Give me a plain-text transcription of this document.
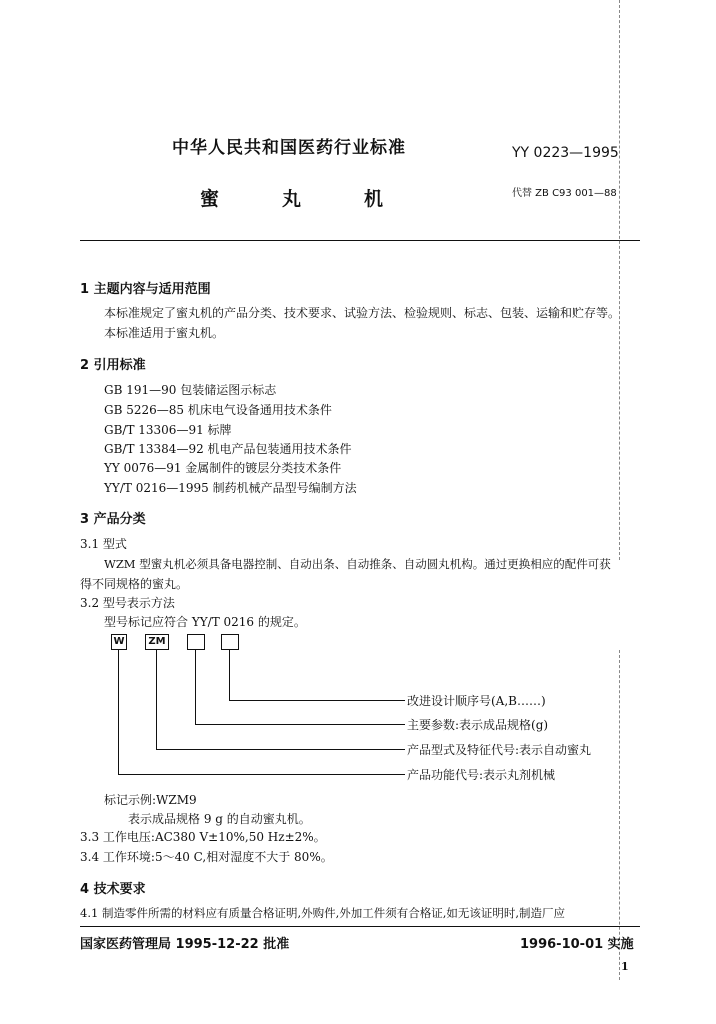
中华人民共和国医药行业标准	YY 0223—1995
蜜	丸	机	代替 ZB C93 001—88
1 主题内容与适用范围
本标准规定了蜜丸机的产品分类、技术要求、试验方法、检验规则、标志、包装、运输和贮存等。
本标准适用于蜜丸机。
2 引用标准
GB 191—90 包装储运图示标志
GB 5226—85 机床电气设备通用技术条件
GB/T 13306—91 标牌
GB/T 13384—92 机电产品包装通用技术条件
YY 0076—91 金属制件的镀层分类技术条件
YY/T 0216—1995 制药机械产品型号编制方法
3 产品分类
3.1 型式
WZM 型蜜丸机必须具备电器控制、自动出条、自动推条、自动圆丸机构。通过更换相应的配件可获
得不同规格的蜜丸。
3.2 型号表示方法
型号标记应符合 YY/T 0216 的规定。
W	ZM
改进设计顺序号(A,B……)
主要参数:表示成品规格(g)
产品型式及特征代号:表示自动蜜丸
产品功能代号:表示丸剂机械
标记示例:WZM9
表示成品规格 9 g 的自动蜜丸机。
3.3 工作电压:AC380 V±10%,50 Hz±2%。
3.4 工作环境:5～40 C,相对湿度不大于 80%。
4 技术要求
4.1 制造零件所需的材料应有质量合格证明,外购件,外加工件须有合格证,如无该证明时,制造厂应
国家医药管理局 1995-12-22 批准	1996-10-01 实施
1
